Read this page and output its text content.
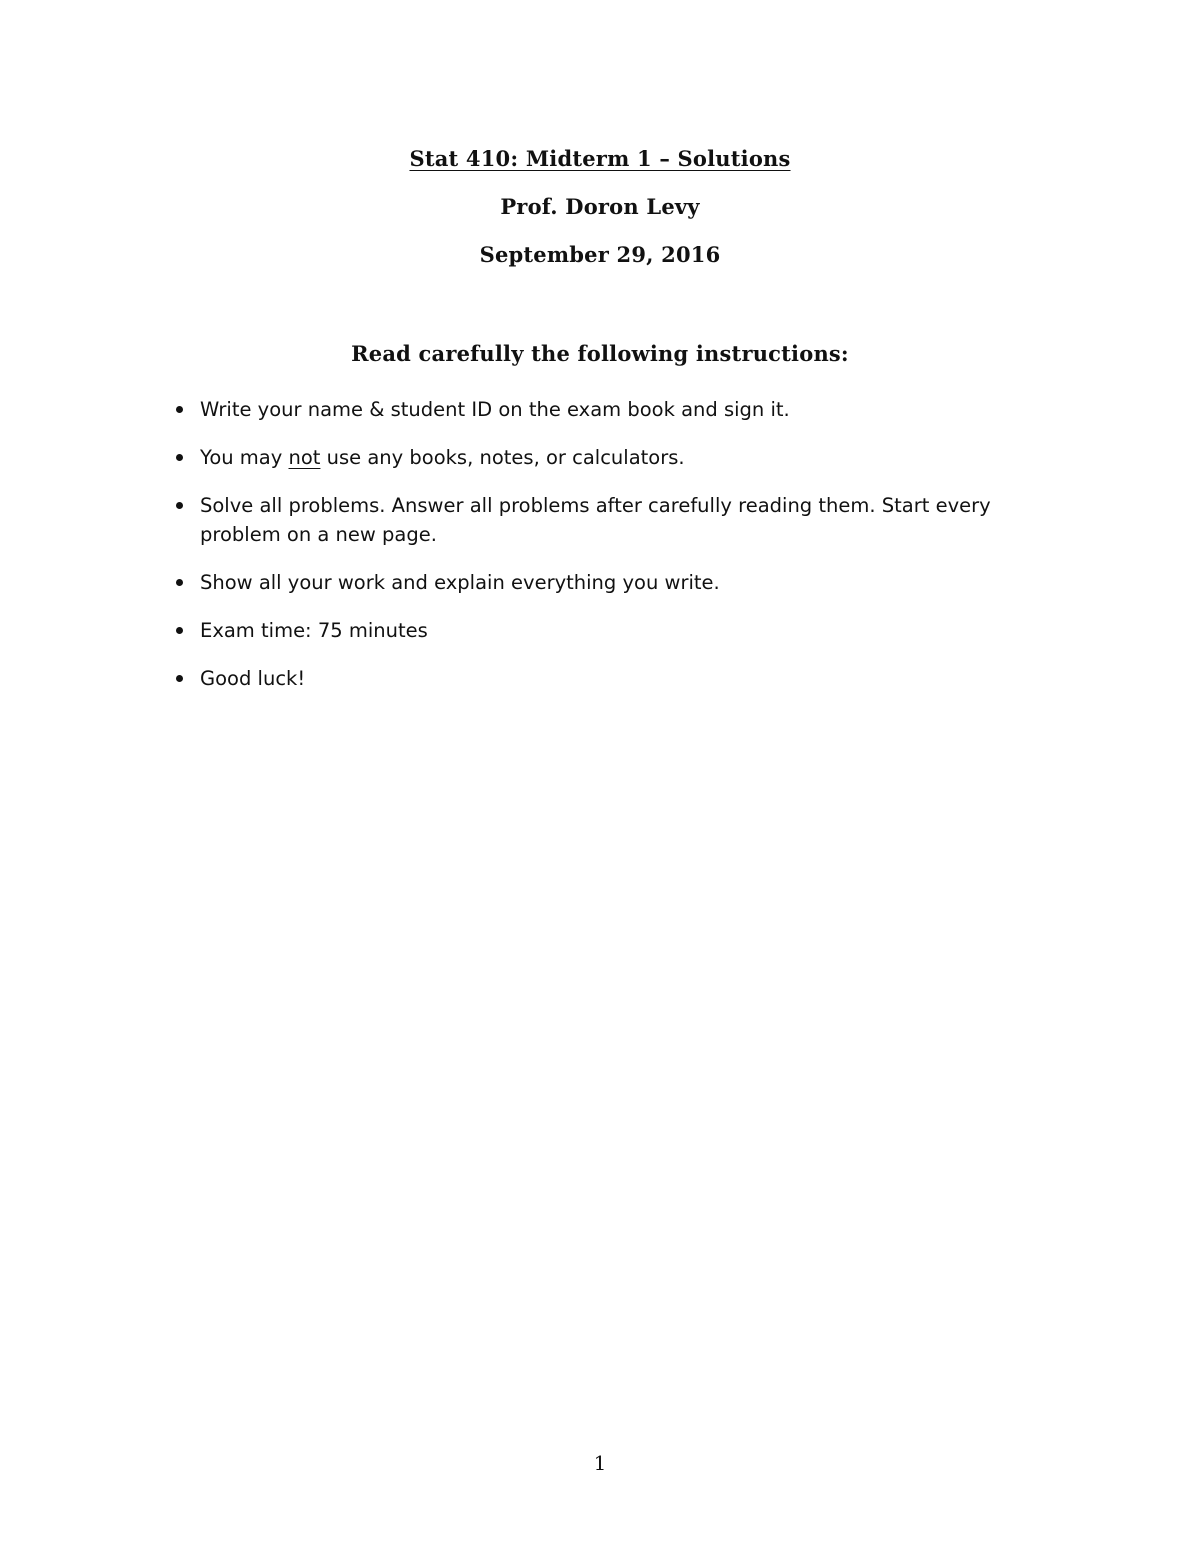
Stat 410: Midterm 1 – Solutions
Prof. Doron Levy
September 29, 2016
Read carefully the following instructions:
Write your name & student ID on the exam book and sign it.
You may not use any books, notes, or calculators.
Solve all problems. Answer all problems after carefully reading them. Start every problem on a new page.
Show all your work and explain everything you write.
Exam time: 75 minutes
Good luck!
1
